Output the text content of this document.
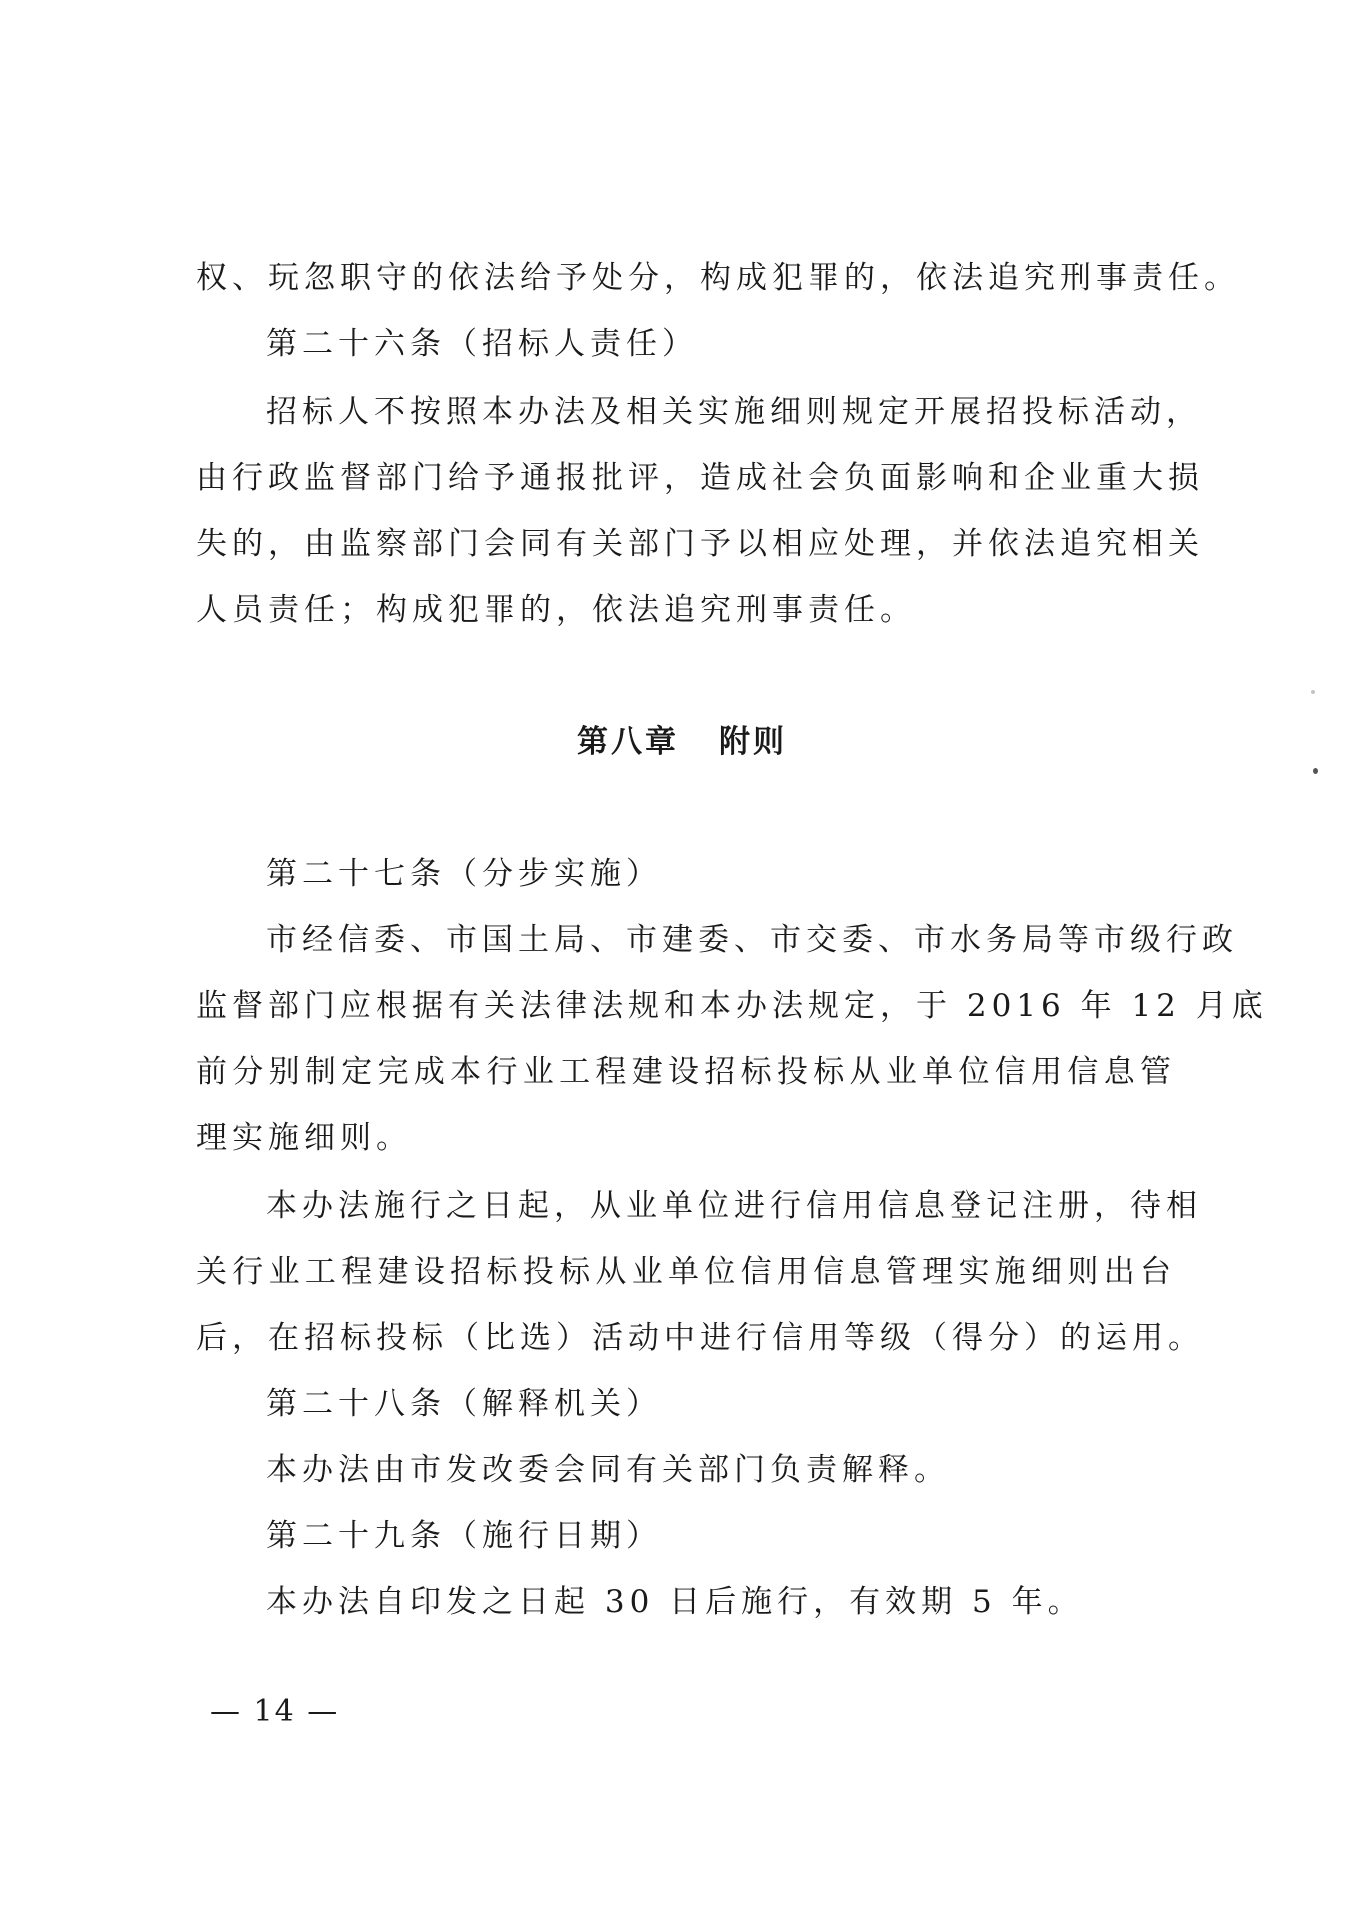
权、玩忽职守的依法给予处分，构成犯罪的，依法追究刑事责任。
第二十六条（招标人责任）
招标人不按照本办法及相关实施细则规定开展招投标活动，
由行政监督部门给予通报批评，造成社会负面影响和企业重大损
失的，由监察部门会同有关部门予以相应处理，并依法追究相关
人员责任；构成犯罪的，依法追究刑事责任。
第八章 附则
第二十七条（分步实施）
市经信委、市国土局、市建委、市交委、市水务局等市级行政
监督部门应根据有关法律法规和本办法规定，于 2016 年 12 月底
前分别制定完成本行业工程建设招标投标从业单位信用信息管
理实施细则。
本办法施行之日起，从业单位进行信用信息登记注册，待相
关行业工程建设招标投标从业单位信用信息管理实施细则出台
后，在招标投标（比选）活动中进行信用等级（得分）的运用。
第二十八条（解释机关）
本办法由市发改委会同有关部门负责解释。
第二十九条（施行日期）
本办法自印发之日起 30 日后施行，有效期 5 年。
— 14 —
